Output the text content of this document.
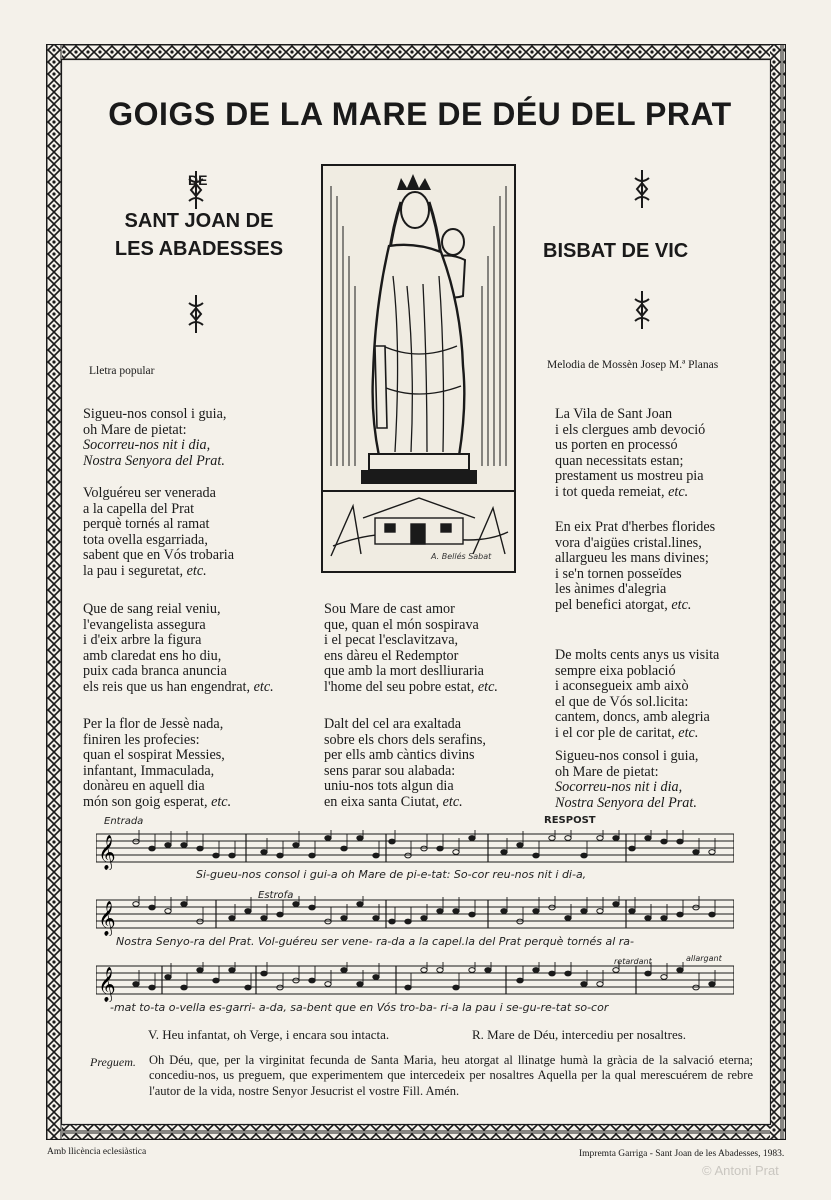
GOIGS DE LA MARE DE DÉU DEL PRAT
DE
SANT JOAN DE
LES ABADESSES	BISBAT DE VIC
Lletra popular	Melodia de Mossèn Josep M.ª Planas
A. Bellés Sabat
Sigueu-nos consol i guia,
oh Mare de pietat:
Socorreu-nos nit i dia,
Nostra Senyora del Prat.
Volguéreu ser venerada
a la capella del Prat
perquè tornés al ramat
tota ovella esgarriada,
sabent que en Vós trobaria
la pau i seguretat, etc.
Que de sang reial veniu,
l'evangelista assegura
i d'eix arbre la figura
amb claredat ens ho diu,
puix cada branca anuncia
els reis que us han engendrat, etc.
Per la flor de Jessè nada,
finiren les profecies:
quan el sospirat Messies,
infantant, Immaculada,
donàreu en aquell dia
món son goig esperat, etc.
Sou Mare de cast amor
que, quan el món sospirava
i el pecat l'esclavitzava,
ens dàreu el Redemptor
que amb la mort deslliuraria
l'home del seu pobre estat, etc.
Dalt del cel ara exaltada
sobre els chors dels serafins,
per ells amb càntics divins
sens parar sou alabada:
uniu-nos tots algun dia
en eixa santa Ciutat, etc.
La Vila de Sant Joan
i els clergues amb devoció
us porten en processó
quan necessitats estan;
prestament us mostreu pia
i tot queda remeiat, etc.
En eix Prat d'herbes florides
vora d'aigües cristal.lines,
allargueu les mans divines;
i se'n tornen posseïdes
les ànimes d'alegria
pel benefici atorgat, etc.
De molts cents anys us visita
sempre eixa població
i aconsegueix amb això
el que de Vós sol.licita:
cantem, doncs, amb alegria
i el cor ple de caritat, etc.
Sigueu-nos consol i guia,
oh Mare de pietat:
Socorreu-nos nit i dia,
Nostra Senyora del Prat.
𝄞
𝄞
𝄞
Entrada	RESPOST
Estrofa
retardant	allargant
Si-gueu-nos consol i gui-a oh Mare de pi-e-tat: So-cor reu-nos nit i di-a,
Nostra Senyo-ra del Prat. Vol-guéreu ser vene- ra-da a la capel.la del Prat perquè tornés al ra-
-mat to-ta o-vella es-garri- a-da, sa-bent que en Vós tro-ba- ri-a la pau i se-gu-re-tat so-cor
V. Heu infantat, oh Verge, i encara sou intacta.	R. Mare de Déu, intercediu per nosaltres.
Preguem. Oh Déu, que, per la virginitat fecunda de Santa Maria, heu atorgat al llinatge humà la gràcia de la salvació eterna; concediu-nos, us preguem, que experimentem que intercedeix per nosaltres Aquella per la qual merescuérem de rebre l'autor de la vida, nostre Senyor Jesucrist el vostre Fill. Amén.
Amb llicència eclesiàstica	Impremta Garriga - Sant Joan de les Abadesses, 1983.
© Antoni Prat
